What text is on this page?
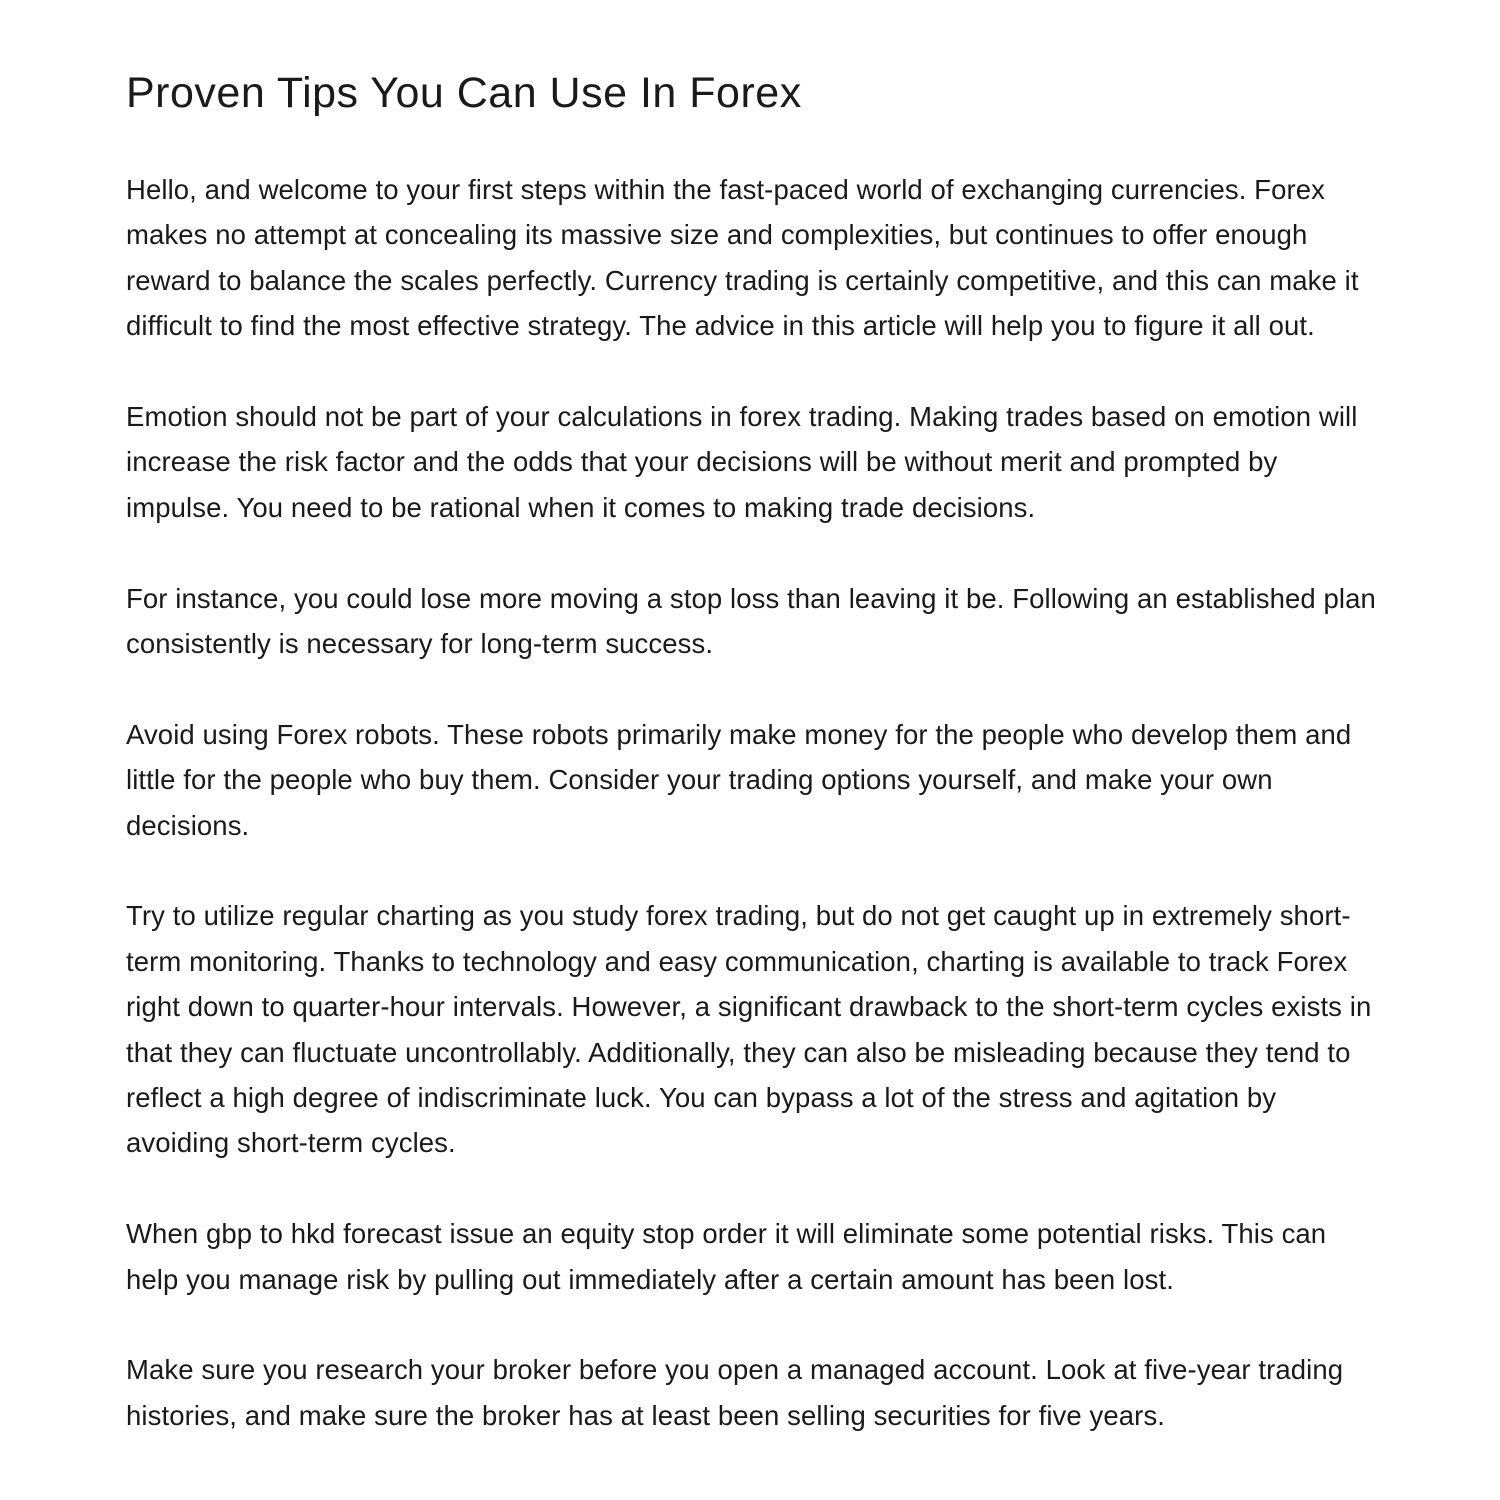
Proven Tips You Can Use In Forex

Hello, and welcome to your first steps within the fast-paced world of exchanging currencies. Forex makes no attempt at concealing its massive size and complexities, but continues to offer enough reward to balance the scales perfectly. Currency trading is certainly competitive, and this can make it difficult to find the most effective strategy. The advice in this article will help you to figure it all out.

Emotion should not be part of your calculations in forex trading. Making trades based on emotion will increase the risk factor and the odds that your decisions will be without merit and prompted by impulse. You need to be rational when it comes to making trade decisions.

For instance, you could lose more moving a stop loss than leaving it be. Following an established plan consistently is necessary for long-term success.

Avoid using Forex robots. These robots primarily make money for the people who develop them and little for the people who buy them. Consider your trading options yourself, and make your own decisions.

Try to utilize regular charting as you study forex trading, but do not get caught up in extremely short-term monitoring. Thanks to technology and easy communication, charting is available to track Forex right down to quarter-hour intervals. However, a significant drawback to the short-term cycles exists in that they can fluctuate uncontrollably. Additionally, they can also be misleading because they tend to reflect a high degree of indiscriminate luck. You can bypass a lot of the stress and agitation by avoiding short-term cycles.

When gbp to hkd forecast issue an equity stop order it will eliminate some potential risks. This can help you manage risk by pulling out immediately after a certain amount has been lost.

Make sure you research your broker before you open a managed account. Look at five-year trading histories, and make sure the broker has at least been selling securities for five years.
